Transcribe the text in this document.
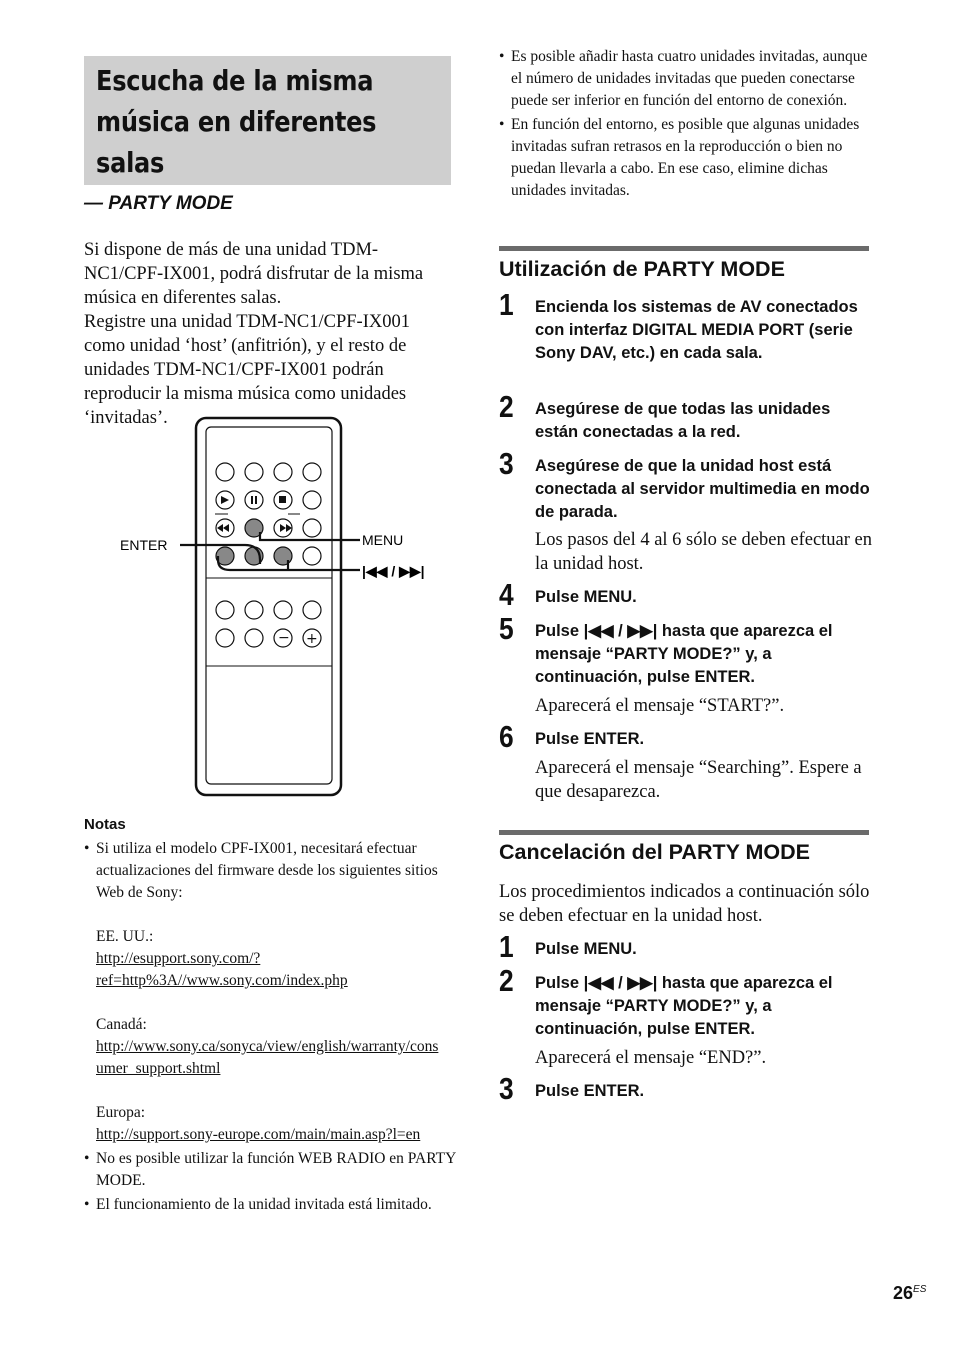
Escucha de la misma música en diferentes salas
— PARTY MODE

Si dispone de más de una unidad TDM-NC1/CPF-IX001, podrá disfrutar de la misma música en diferentes salas.

Registre una unidad TDM-NC1/CPF-IX001 como unidad ‘host’ (anfitrión), y el resto de unidades TDM-NC1/CPF-IX001 podrán reproducir la misma música como unidades ‘invitadas’.

− +
ENTER	MENU
|◀◀ / ▶▶|
Notas
• Si utiliza el modelo CPF-IX001, necesitará efectuar actualizaciones del firmware desde los siguientes sitios Web de Sony:
EE. UU.:
http://esupport.sony.com/?ref=http%3A//www.sony.com/index.php
Canadá:
http://www.sony.ca/sonyca/view/english/warranty/consumer_support.shtml
Europa:
http://support.sony-europe.com/main/main.asp?l=en
• No es posible utilizar la función WEB RADIO en PARTY MODE.
• El funcionamiento de la unidad invitada está limitado.
• Es posible añadir hasta cuatro unidades invitadas, aunque el número de unidades invitadas que pueden conectarse puede ser inferior en función del entorno de conexión.
• En función del entorno, es posible que algunas unidades invitadas sufran retrasos en la reproducción o bien no puedan llevarla a cabo. En ese caso, elimine dichas unidades invitadas.
Utilización de PARTY MODE
1 Encienda los sistemas de AV conectados con interfaz DIGITAL MEDIA PORT (serie Sony DAV, etc.) en cada sala.
2 Asegúrese de que todas las unidades están conectadas a la red.
3 Asegúrese de que la unidad host está conectada al servidor multimedia en modo de parada.
Los pasos del 4 al 6 sólo se deben efectuar en la unidad host.
4 Pulse MENU.
5 Pulse |◀◀ / ▶▶| hasta que aparezca el mensaje “PARTY MODE?” y, a continuación, pulse ENTER.
Aparecerá el mensaje “START?”.
6 Pulse ENTER.
Aparecerá el mensaje “Searching”. Espere a que desaparezca.
Cancelación del PARTY MODE

Los procedimientos indicados a continuación sólo se deben efectuar en la unidad host.

1 Pulse MENU.
2 Pulse |◀◀ / ▶▶| hasta que aparezca el mensaje “PARTY MODE?” y, a continuación, pulse ENTER.
Aparecerá el mensaje “END?”.
3 Pulse ENTER.
$26^{ES}$
